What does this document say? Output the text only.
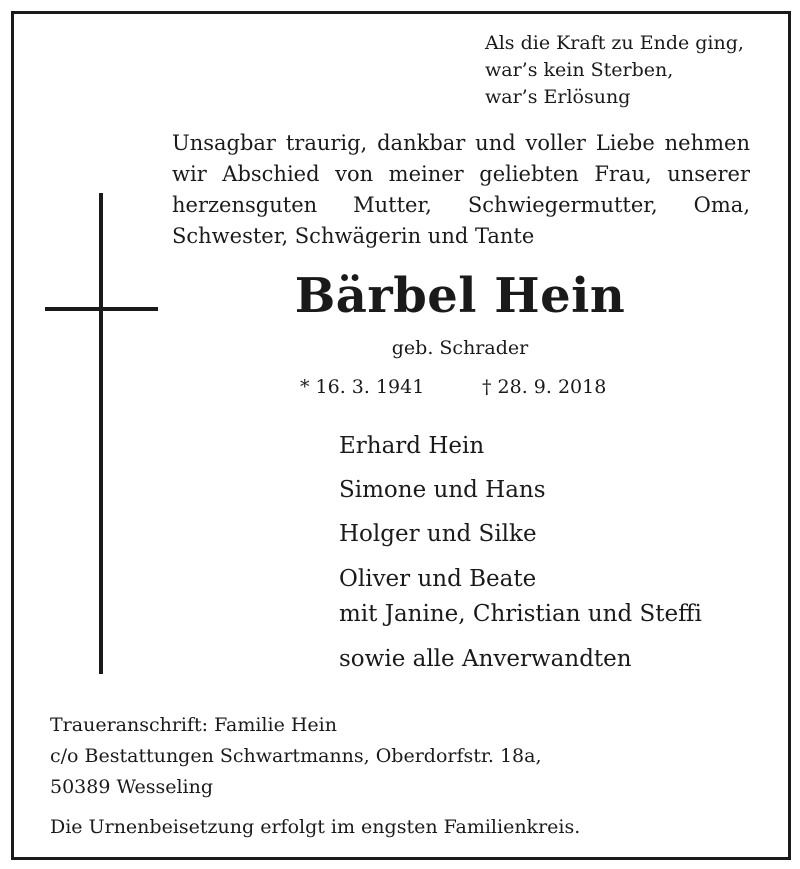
Als die Kraft zu Ende ging,
war’s kein Sterben,
war’s Erlösung
Unsagbar traurig, dankbar und voller Liebe nehmen
wir Abschied von meiner geliebten Frau, unserer
herzensguten Mutter, Schwiegermutter, Oma,
Schwester, Schwägerin und Tante
Bärbel Hein
geb. Schrader
* 16. 3. 1941	† 28. 9. 2018
Erhard Hein
Simone und Hans
Holger und Silke
Oliver und Beate
mit Janine, Christian und Steffi
sowie alle Anverwandten
Traueranschrift: Familie Hein
c/o Bestattungen Schwartmanns, Oberdorfstr. 18a,
50389 Wesseling
Die Urnenbeisetzung erfolgt im engsten Familienkreis.
